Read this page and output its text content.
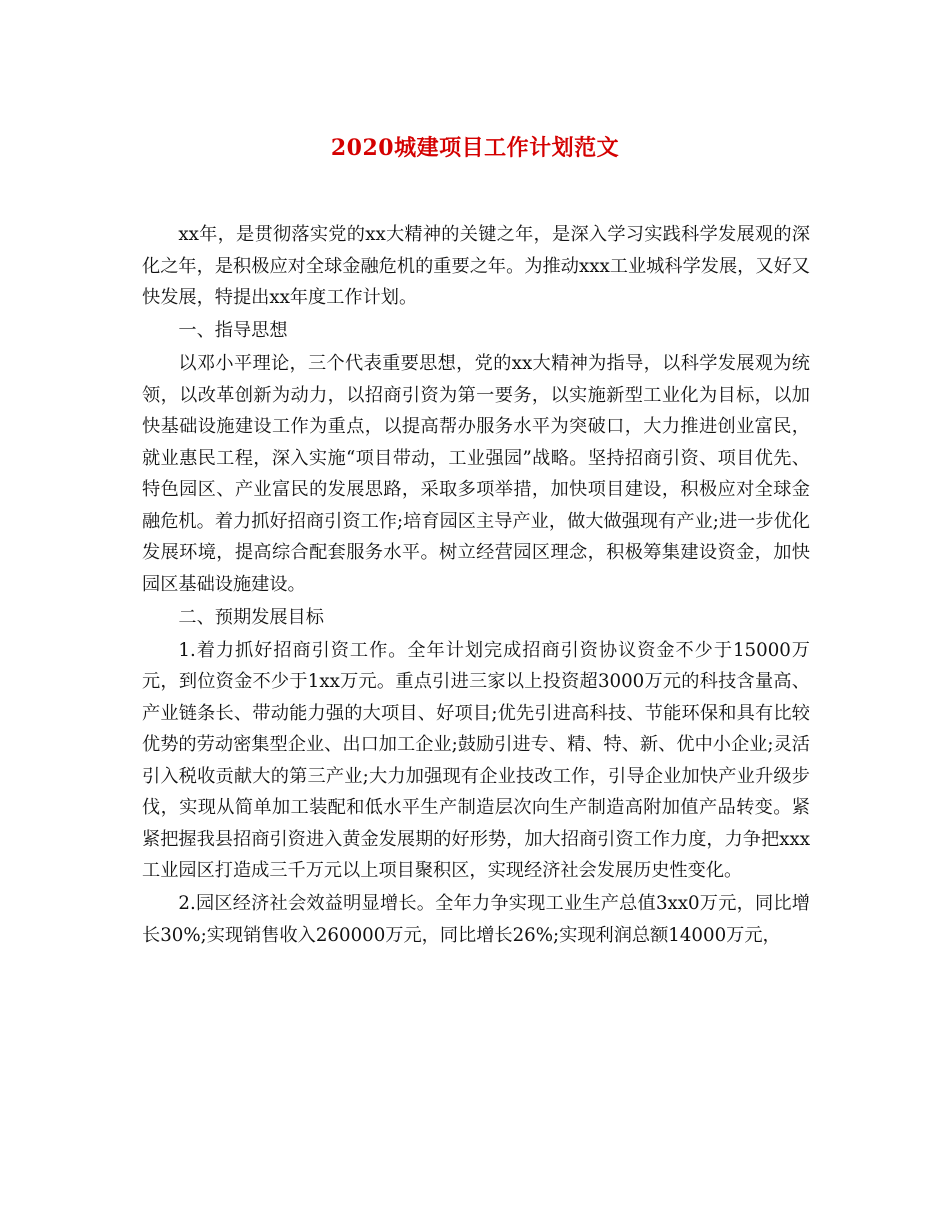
2020城建项目工作计划范文

xx年，是贯彻落实党的xx大精神的关键之年，是深入学习实践科学发展观的深化之年，是积极应对全球金融危机的重要之年。为推动xxx工业城科学发展，又好又快发展，特提出xx年度工作计划。

一、指导思想

以邓小平理论，三个代表重要思想，党的xx大精神为指导，以科学发展观为统领，以改革创新为动力，以招商引资为第一要务，以实施新型工业化为目标，以加快基础设施建设工作为重点，以提高帮办服务水平为突破口，大力推进创业富民，就业惠民工程，深入实施“项目带动，工业强园”战略。坚持招商引资、项目优先、特色园区、产业富民的发展思路，采取多项举措，加快项目建设，积极应对全球金融危机。着力抓好招商引资工作;培育园区主导产业，做大做强现有产业;进一步优化发展环境，提高综合配套服务水平。树立经营园区理念，积极筹集建设资金，加快园区基础设施建设。

二、预期发展目标

1.着力抓好招商引资工作。全年计划完成招商引资协议资金不少于15000万元，到位资金不少于1xx万元。重点引进三家以上投资超3000万元的科技含量高、产业链条长、带动能力强的大项目、好项目;优先引进高科技、节能环保和具有比较优势的劳动密集型企业、出口加工企业;鼓励引进专、精、特、新、优中小企业;灵活引入税收贡献大的第三产业;大力加强现有企业技改工作，引导企业加快产业升级步伐，实现从简单加工装配和低水平生产制造层次向生产制造高附加值产品转变。紧紧把握我县招商引资进入黄金发展期的好形势，加大招商引资工作力度，力争把xxx工业园区打造成三千万元以上项目聚积区，实现经济社会发展历史性变化。

2.园区经济社会效益明显增长。全年力争实现工业生产总值3xx0万元，同比增长30%;实现销售收入260000万元，同比增长26%;实现利润总额14000万元，
